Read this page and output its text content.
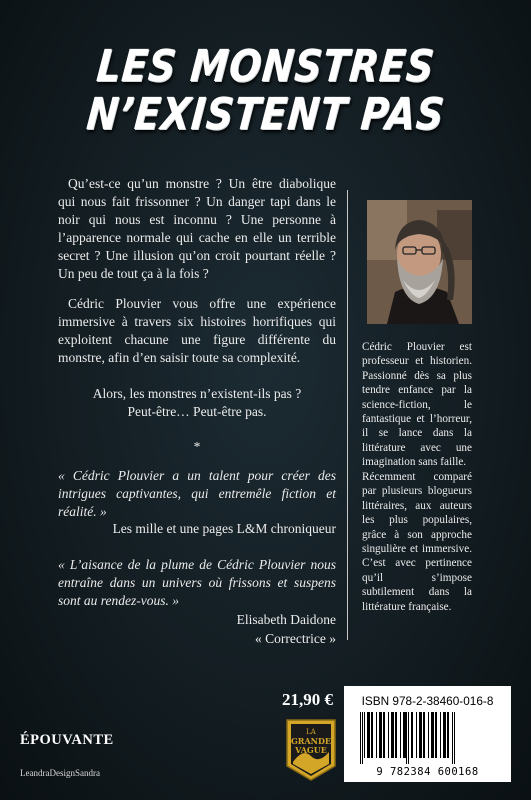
LES MONSTRES
N’EXISTENT PAS

Qu’est-ce qu’un monstre ? Un être diabolique qui nous fait frissonner ? Un danger tapi dans le noir qui nous est inconnu ? Une personne à l’apparence normale qui cache en elle un terrible secret ? Une illusion qu’on croit pourtant réelle ? Un peu de tout ça à la fois ?

Cédric Plouvier vous offre une expérience immersive à travers six histoires horrifiques qui exploitent chacune une figure différente du monstre, afin d’en saisir toute sa complexité.

Alors, les monstres n’existent-ils pas ?
Peut-être… Peut-être pas.
*

« Cédric Plouvier a un talent pour créer des intrigues captivantes, qui entremêle fiction et réalité. »

Les mille et une pages L&M chroniqueur

« L’aisance de la plume de Cédric Plouvier nous entraîne dans un univers où frissons et suspens sont au rendez-vous. »

Elisabeth Daidone
« Correctrice »

Cédric Plouvier est professeur et historien. Passionné dès sa plus tendre enfance par la science-fiction, le fantastique et l’horreur, il se lance dans la littérature avec une imagination sans faille.

Récemment comparé par plusieurs blogueurs littéraires, aux auteurs les plus populaires, grâce à son approche singulière et immersive. C’est avec pertinence qu’il s’impose subtilement dans la littérature française.

21,90 €	ISBN 978-2-38460-016-8
9 782384 600168
ÉPOUVANTE
LeandraDesignSandra
LA
GRANDE
VAGUE
